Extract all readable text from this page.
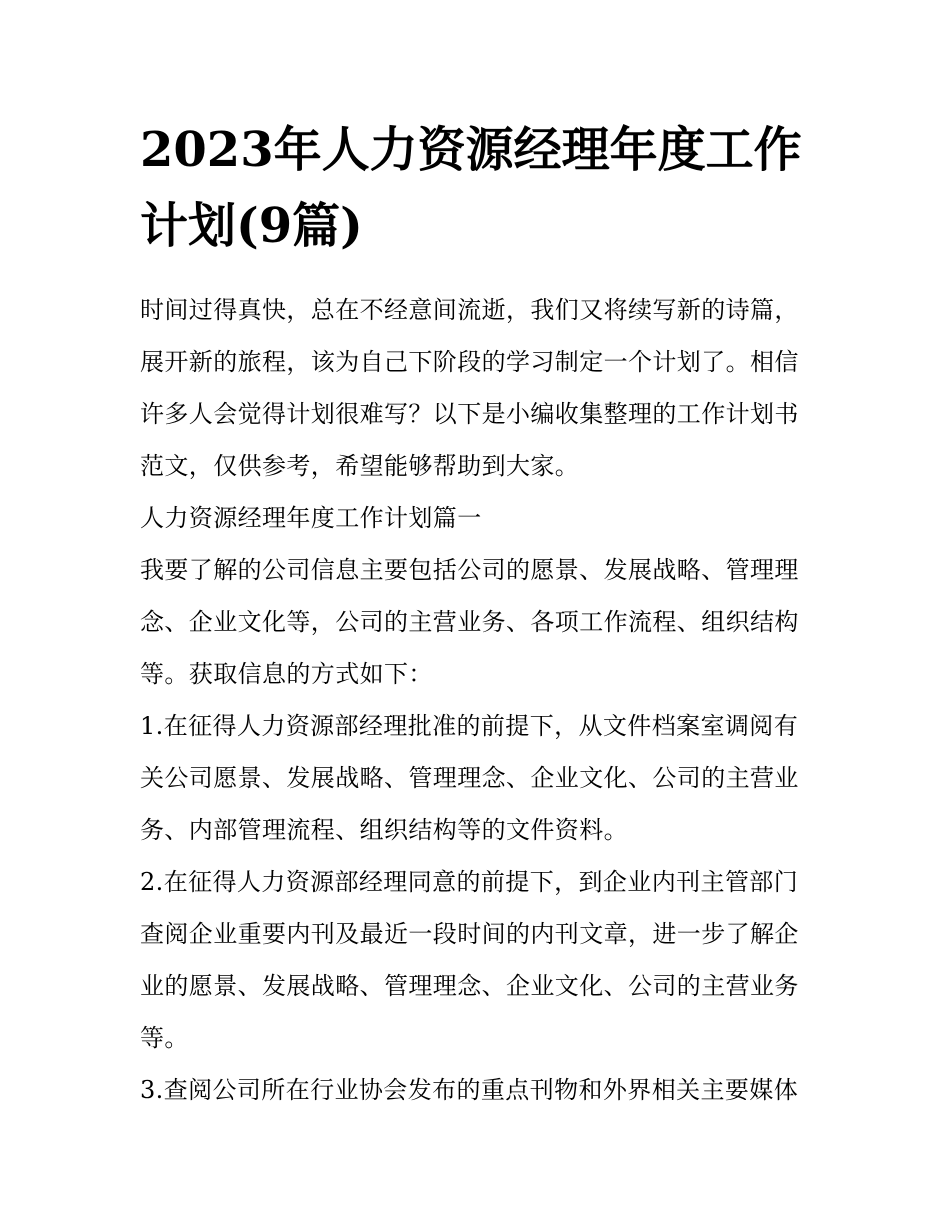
2023年人力资源经理年度工作计划(9篇)

时间过得真快，总在不经意间流逝，我们又将续写新的诗篇，展开新的旅程，该为自己下阶段的学习制定一个计划了。相信许多人会觉得计划很难写？以下是小编收集整理的工作计划书范文，仅供参考，希望能够帮助到大家。

人力资源经理年度工作计划篇一

我要了解的公司信息主要包括公司的愿景、发展战略、管理理念、企业文化等，公司的主营业务、各项工作流程、组织结构等。获取信息的方式如下：

1.在征得人力资源部经理批准的前提下，从文件档案室调阅有关公司愿景、发展战略、管理理念、企业文化、公司的主营业务、内部管理流程、组织结构等的文件资料。

2.在征得人力资源部经理同意的前提下，到企业内刊主管部门查阅企业重要内刊及最近一段时间的内刊文章，进一步了解企业的愿景、发展战略、管理理念、企业文化、公司的主营业务等。

3.查阅公司所在行业协会发布的重点刊物和外界相关主要媒体
